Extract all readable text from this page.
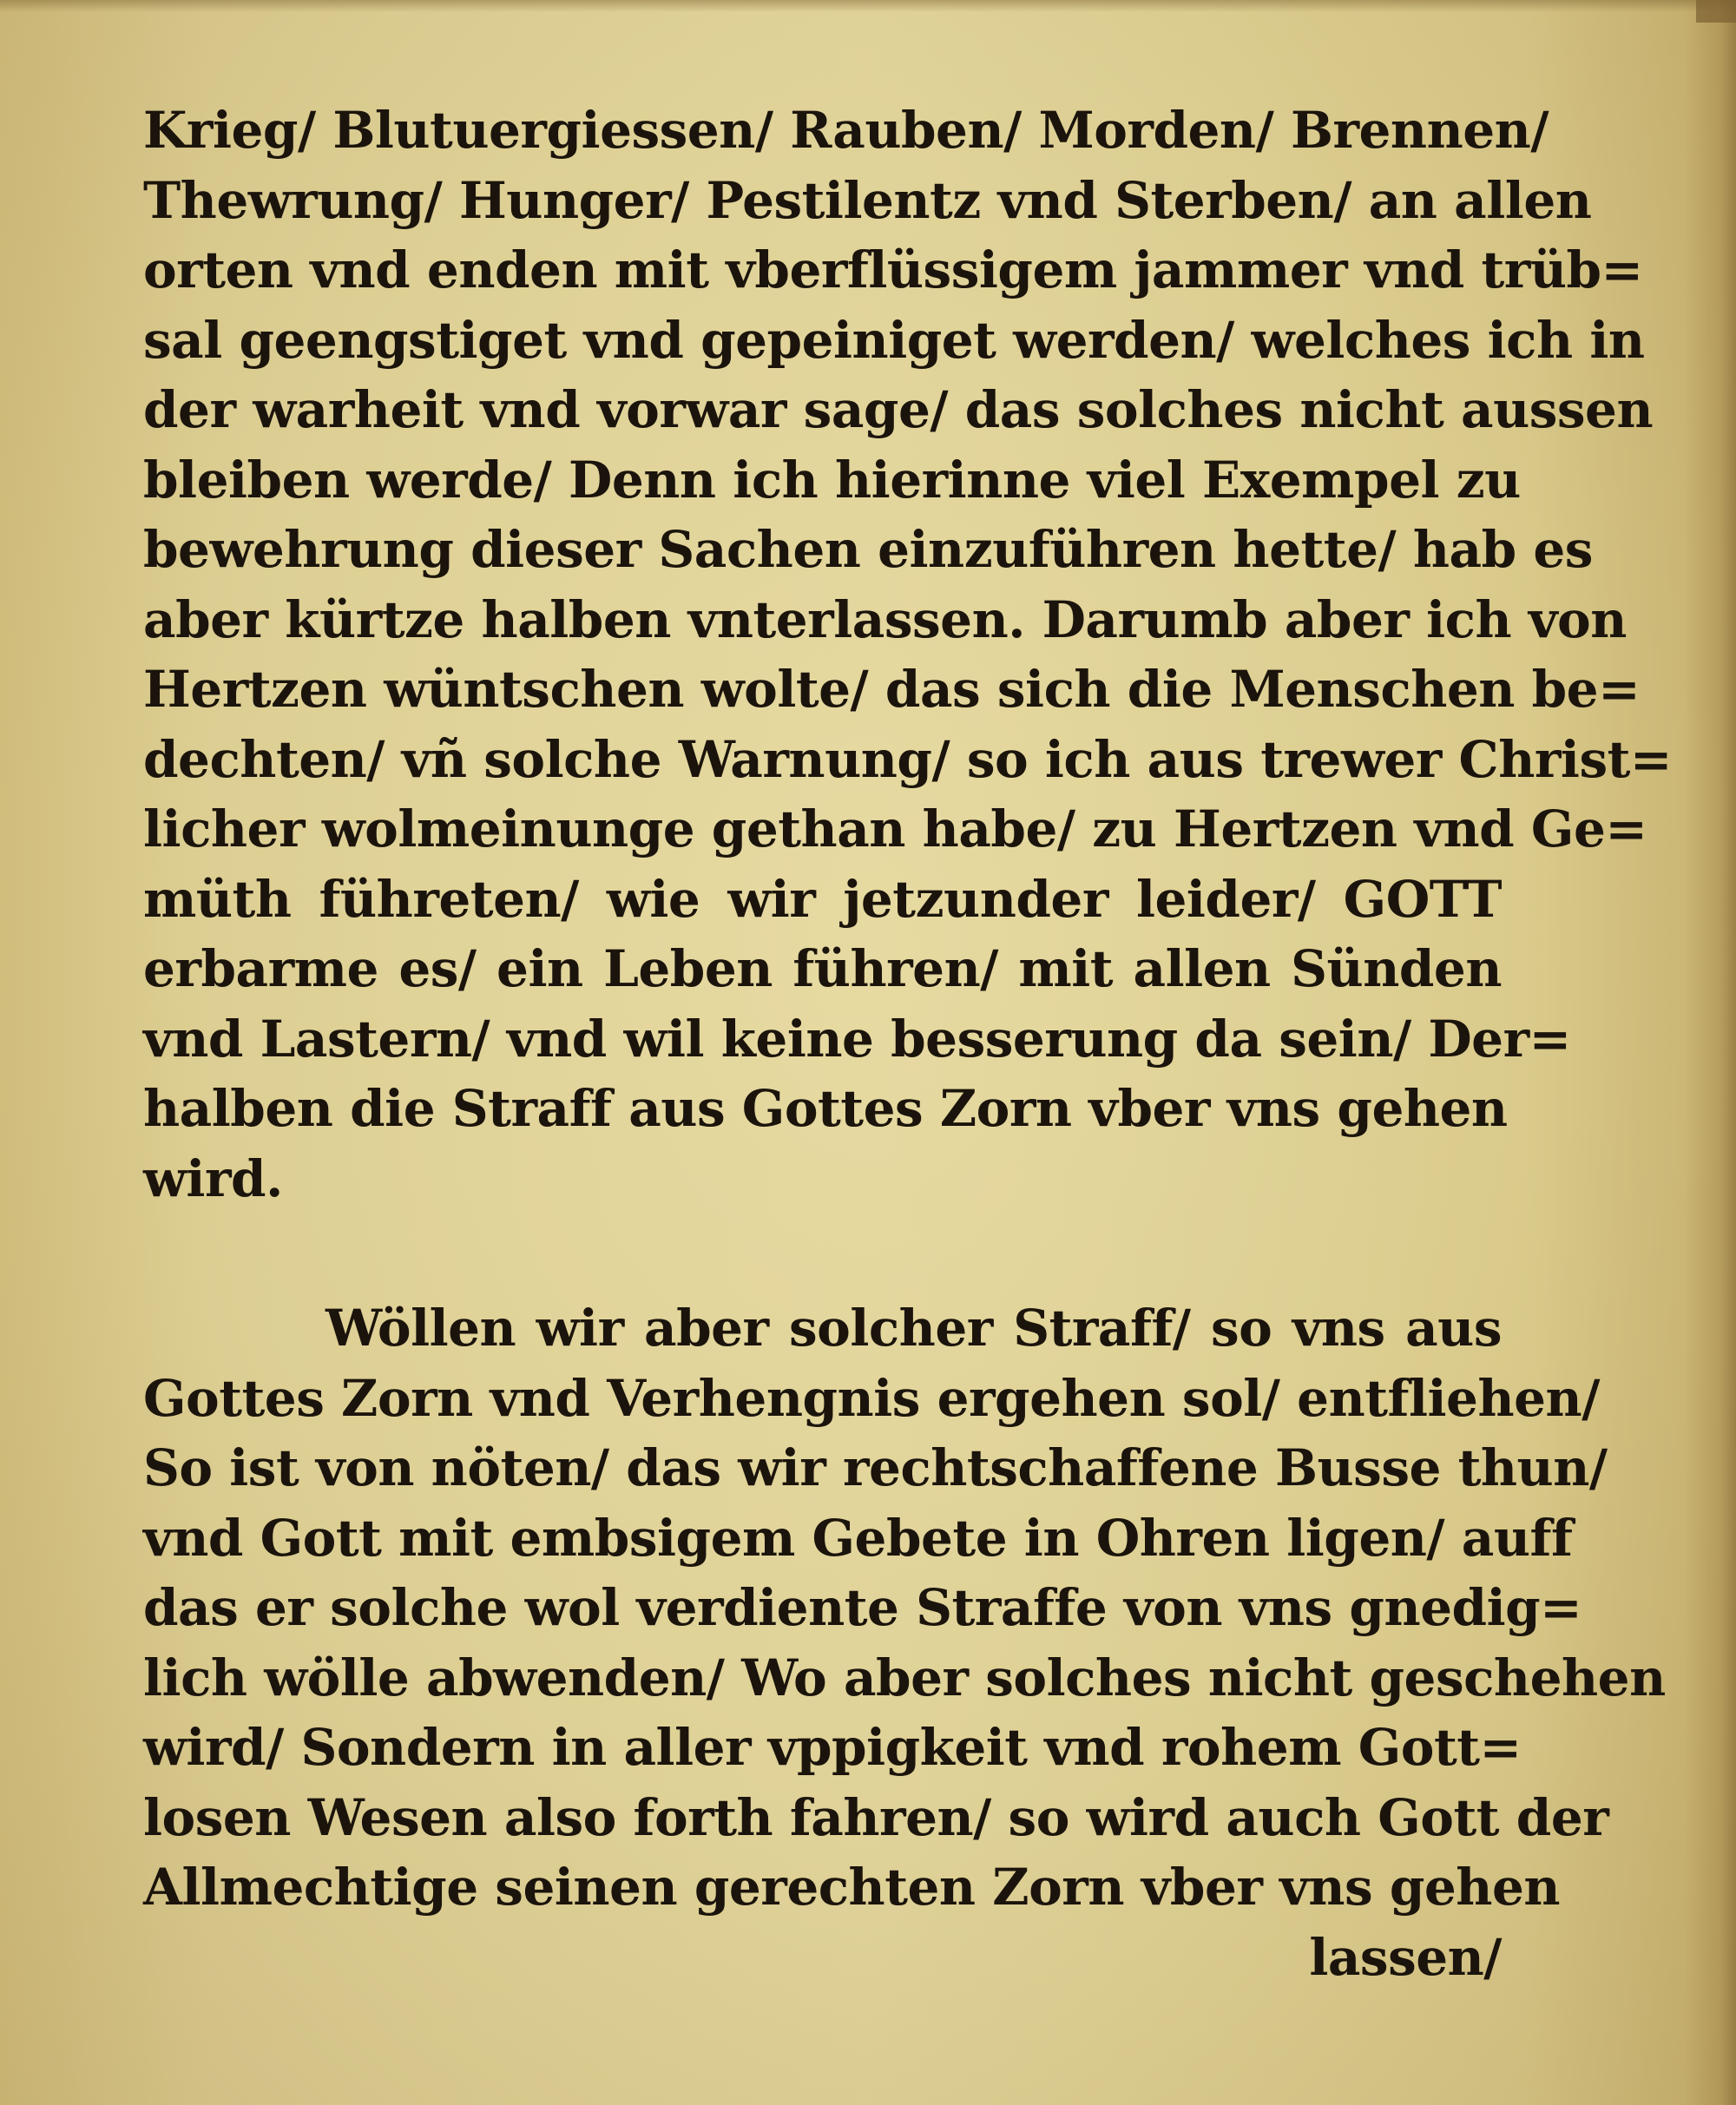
Krieg/ Blutuergiessen/ Rauben/ Morden/ Brennen/
Thewrung/ Hunger/ Pestilentz vnd Sterben/ an allen
orten vnd enden mit vberflüssigem jammer vnd trüb=
sal geengstiget vnd gepeiniget werden/ welches ich in
der warheit vnd vorwar sage/ das solches nicht aussen
bleiben werde/ Denn ich hierinne viel Exempel zu
bewehrung dieser Sachen einzuführen hette/ hab es
aber kürtze halben vnterlassen. Darumb aber ich von
Hertzen wüntschen wolte/ das sich die Menschen be=
dechten/ vñ solche Warnung/ so ich aus trewer Christ=
licher wolmeinunge gethan habe/ zu Hertzen vnd Ge=
müth führeten/ wie wir jetzunder leider/ GOTT
erbarme es/ ein Leben führen/ mit allen Sünden
vnd Lastern/ vnd wil keine besserung da sein/ Der=
halben die Straff aus Gottes Zorn vber vns gehen
wird.
Wöllen wir aber solcher Straff/ so vns aus
Gottes Zorn vnd Verhengnis ergehen sol/ entfliehen/
So ist von nöten/ das wir rechtschaffene Busse thun/
vnd Gott mit embsigem Gebete in Ohren ligen/ auff
das er solche wol verdiente Straffe von vns gnedig=
lich wölle abwenden/ Wo aber solches nicht geschehen
wird/ Sondern in aller vppigkeit vnd rohem Gott=
losen Wesen also forth fahren/ so wird auch Gott der
Allmechtige seinen gerechten Zorn vber vns gehen
lassen/
